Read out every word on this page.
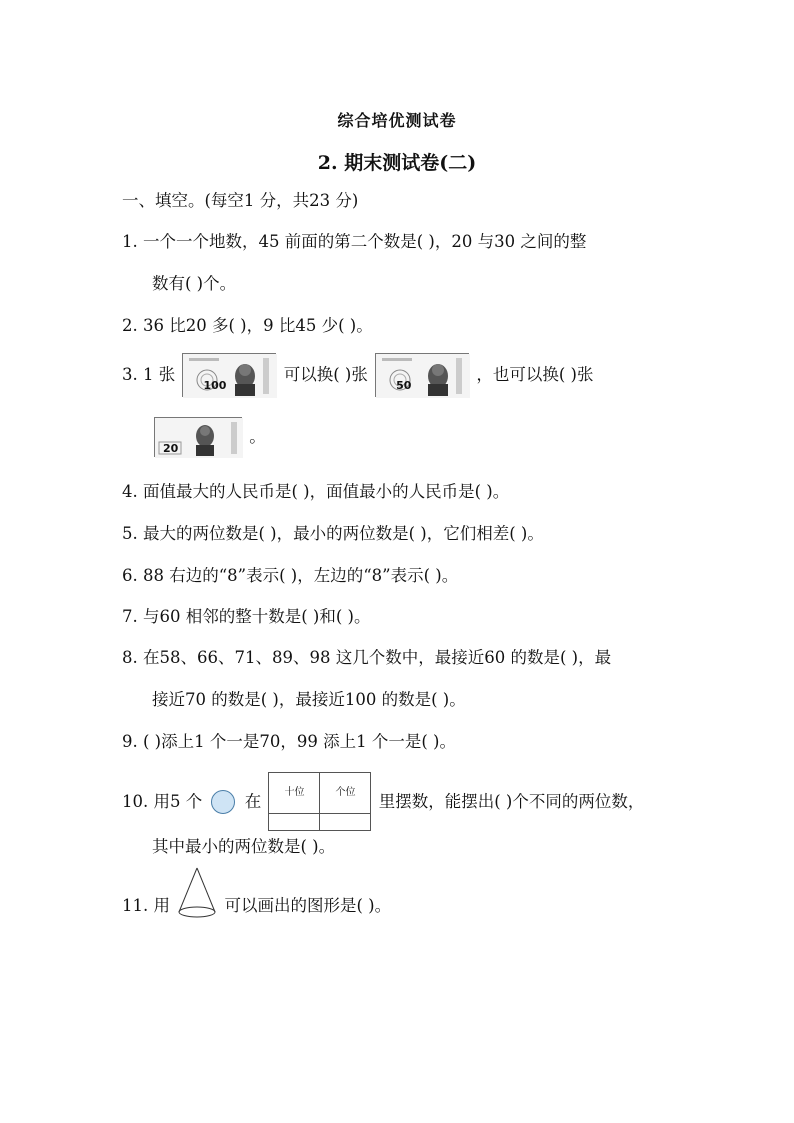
综合培优测试卷
2. 期末测试卷(二)
一、填空。(每空1 分，共23 分)
1. 一个一个地数，45 前面的第二个数是( )，20 与30 之间的整
数有( )个。
2. 36 比20 多( )，9 比45 少( )。
3. 1 张
100
可以换( )张
50
，也可以换( )张
20
。
4. 面值最大的人民币是( )，面值最小的人民币是( )。
5. 最大的两位数是( )，最小的两位数是( )，它们相差( )。
6. 88 右边的“8”表示( )，左边的“8”表示( )。
7. 与60 相邻的整十数是( )和( )。
8. 在58、66、71、89、98 这几个数中，最接近60 的数是( )，最
接近70 的数是( )，最接近100 的数是( )。
9. ( )添上1 个一是70，99 添上1 个一是( )。
10. 用5 个	在 十位	个位
	里摆数，能摆出( )个不同的两位数，
其中最小的两位数是( )。
11. 用	可以画出的图形是( )。
